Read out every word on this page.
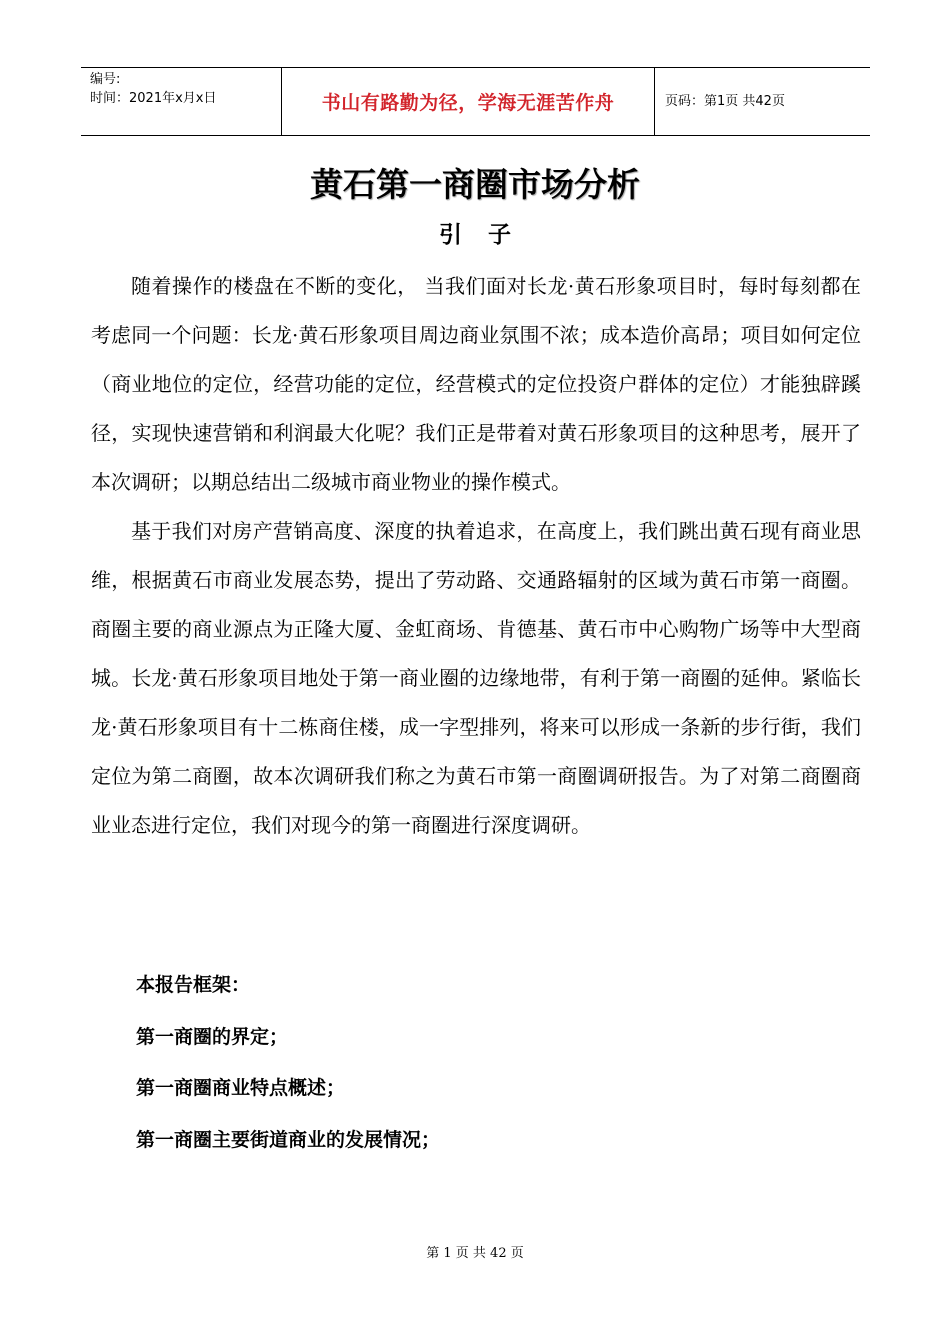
编号:
时间：2021年x月x日	书山有路勤为径，学海无涯苦作舟	页码：第1页 共42页
黄石第一商圈市场分析
引子

随着操作的楼盘在不断的变化， 当我们面对长龙·黄石形象项目时，每时每刻都在考虑同一个问题：长龙·黄石形象项目周边商业氛围不浓；成本造价高昂；项目如何定位（商业地位的定位，经营功能的定位，经营模式的定位投资户群体的定位）才能独辟蹊径，实现快速营销和利润最大化呢？我们正是带着对黄石形象项目的这种思考，展开了本次调研；以期总结出二级城市商业物业的操作模式。

基于我们对房产营销高度、深度的执着追求，在高度上，我们跳出黄石现有商业思维，根据黄石市商业发展态势，提出了劳动路、交通路辐射的区域为黄石市第一商圈。商圈主要的商业源点为正隆大厦、金虹商场、肯德基、黄石市中心购物广场等中大型商城。长龙·黄石形象项目地处于第一商业圈的边缘地带，有利于第一商圈的延伸。紧临长龙·黄石形象项目有十二栋商住楼，成一字型排列，将来可以形成一条新的步行街，我们定位为第二商圈，故本次调研我们称之为黄石市第一商圈调研报告。为了对第二商圈商业业态进行定位，我们对现今的第一商圈进行深度调研。

本报告框架：
第一商圈的界定；
第一商圈商业特点概述；
第一商圈主要街道商业的发展情况；
第 1 页 共 42 页
